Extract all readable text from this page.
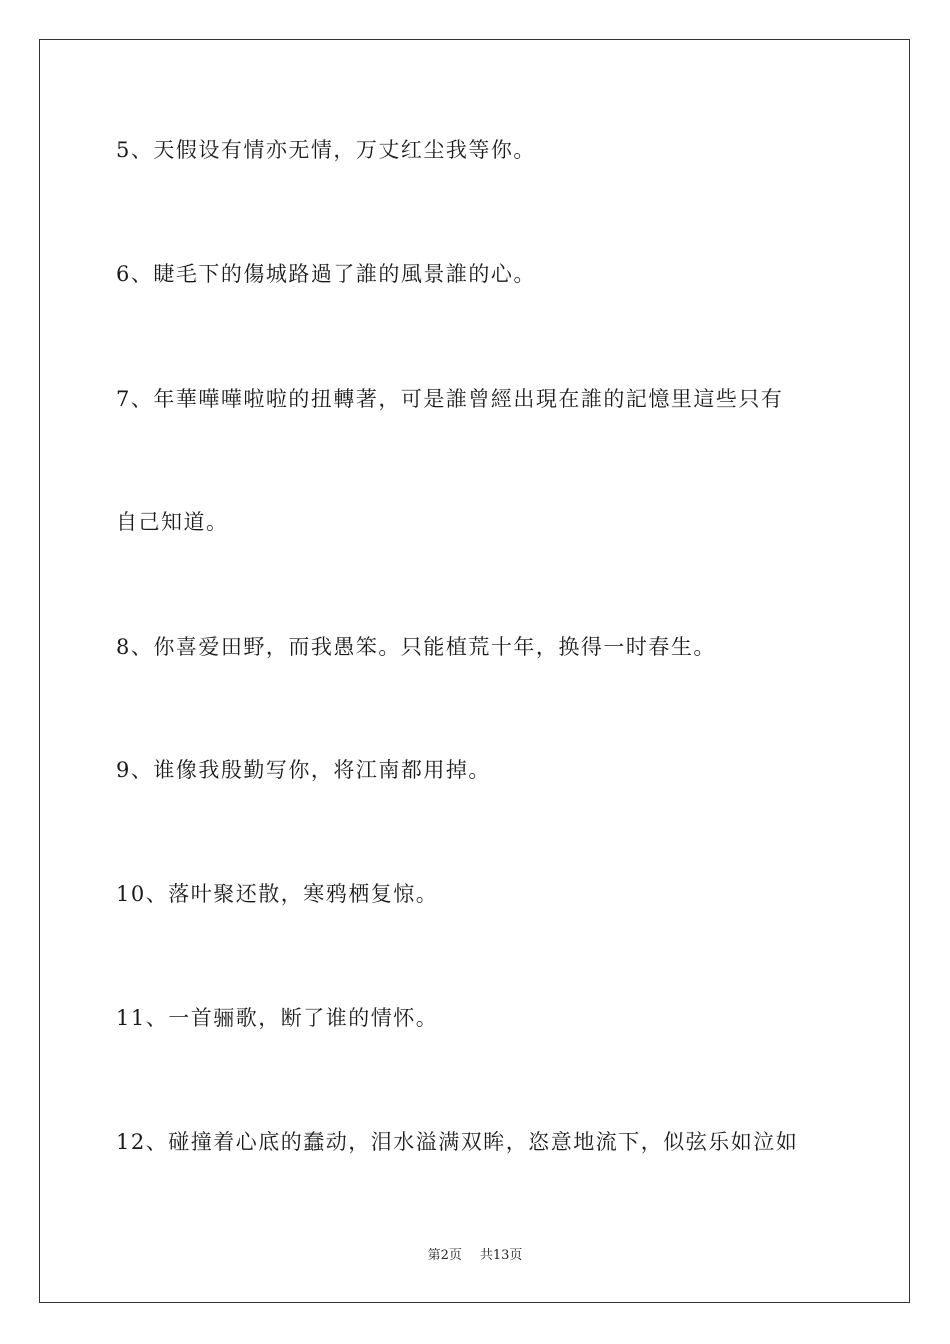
5、天假设有情亦无情，万丈红尘我等你。
6、睫毛下的傷城路過了誰的風景誰的心。
7、年華嘩嘩啦啦的扭轉著，可是誰曾經出現在誰的記憶里這些只有
自己知道。
8、你喜爱田野，而我愚笨。只能植荒十年，换得一时春生。
9、谁像我殷勤写你，将江南都用掉。
10、落叶聚还散，寒鸦栖复惊。
11、一首骊歌，断了谁的情怀。
12、碰撞着心底的蠢动，泪水溢满双眸，恣意地流下，似弦乐如泣如
第2页 共13页
